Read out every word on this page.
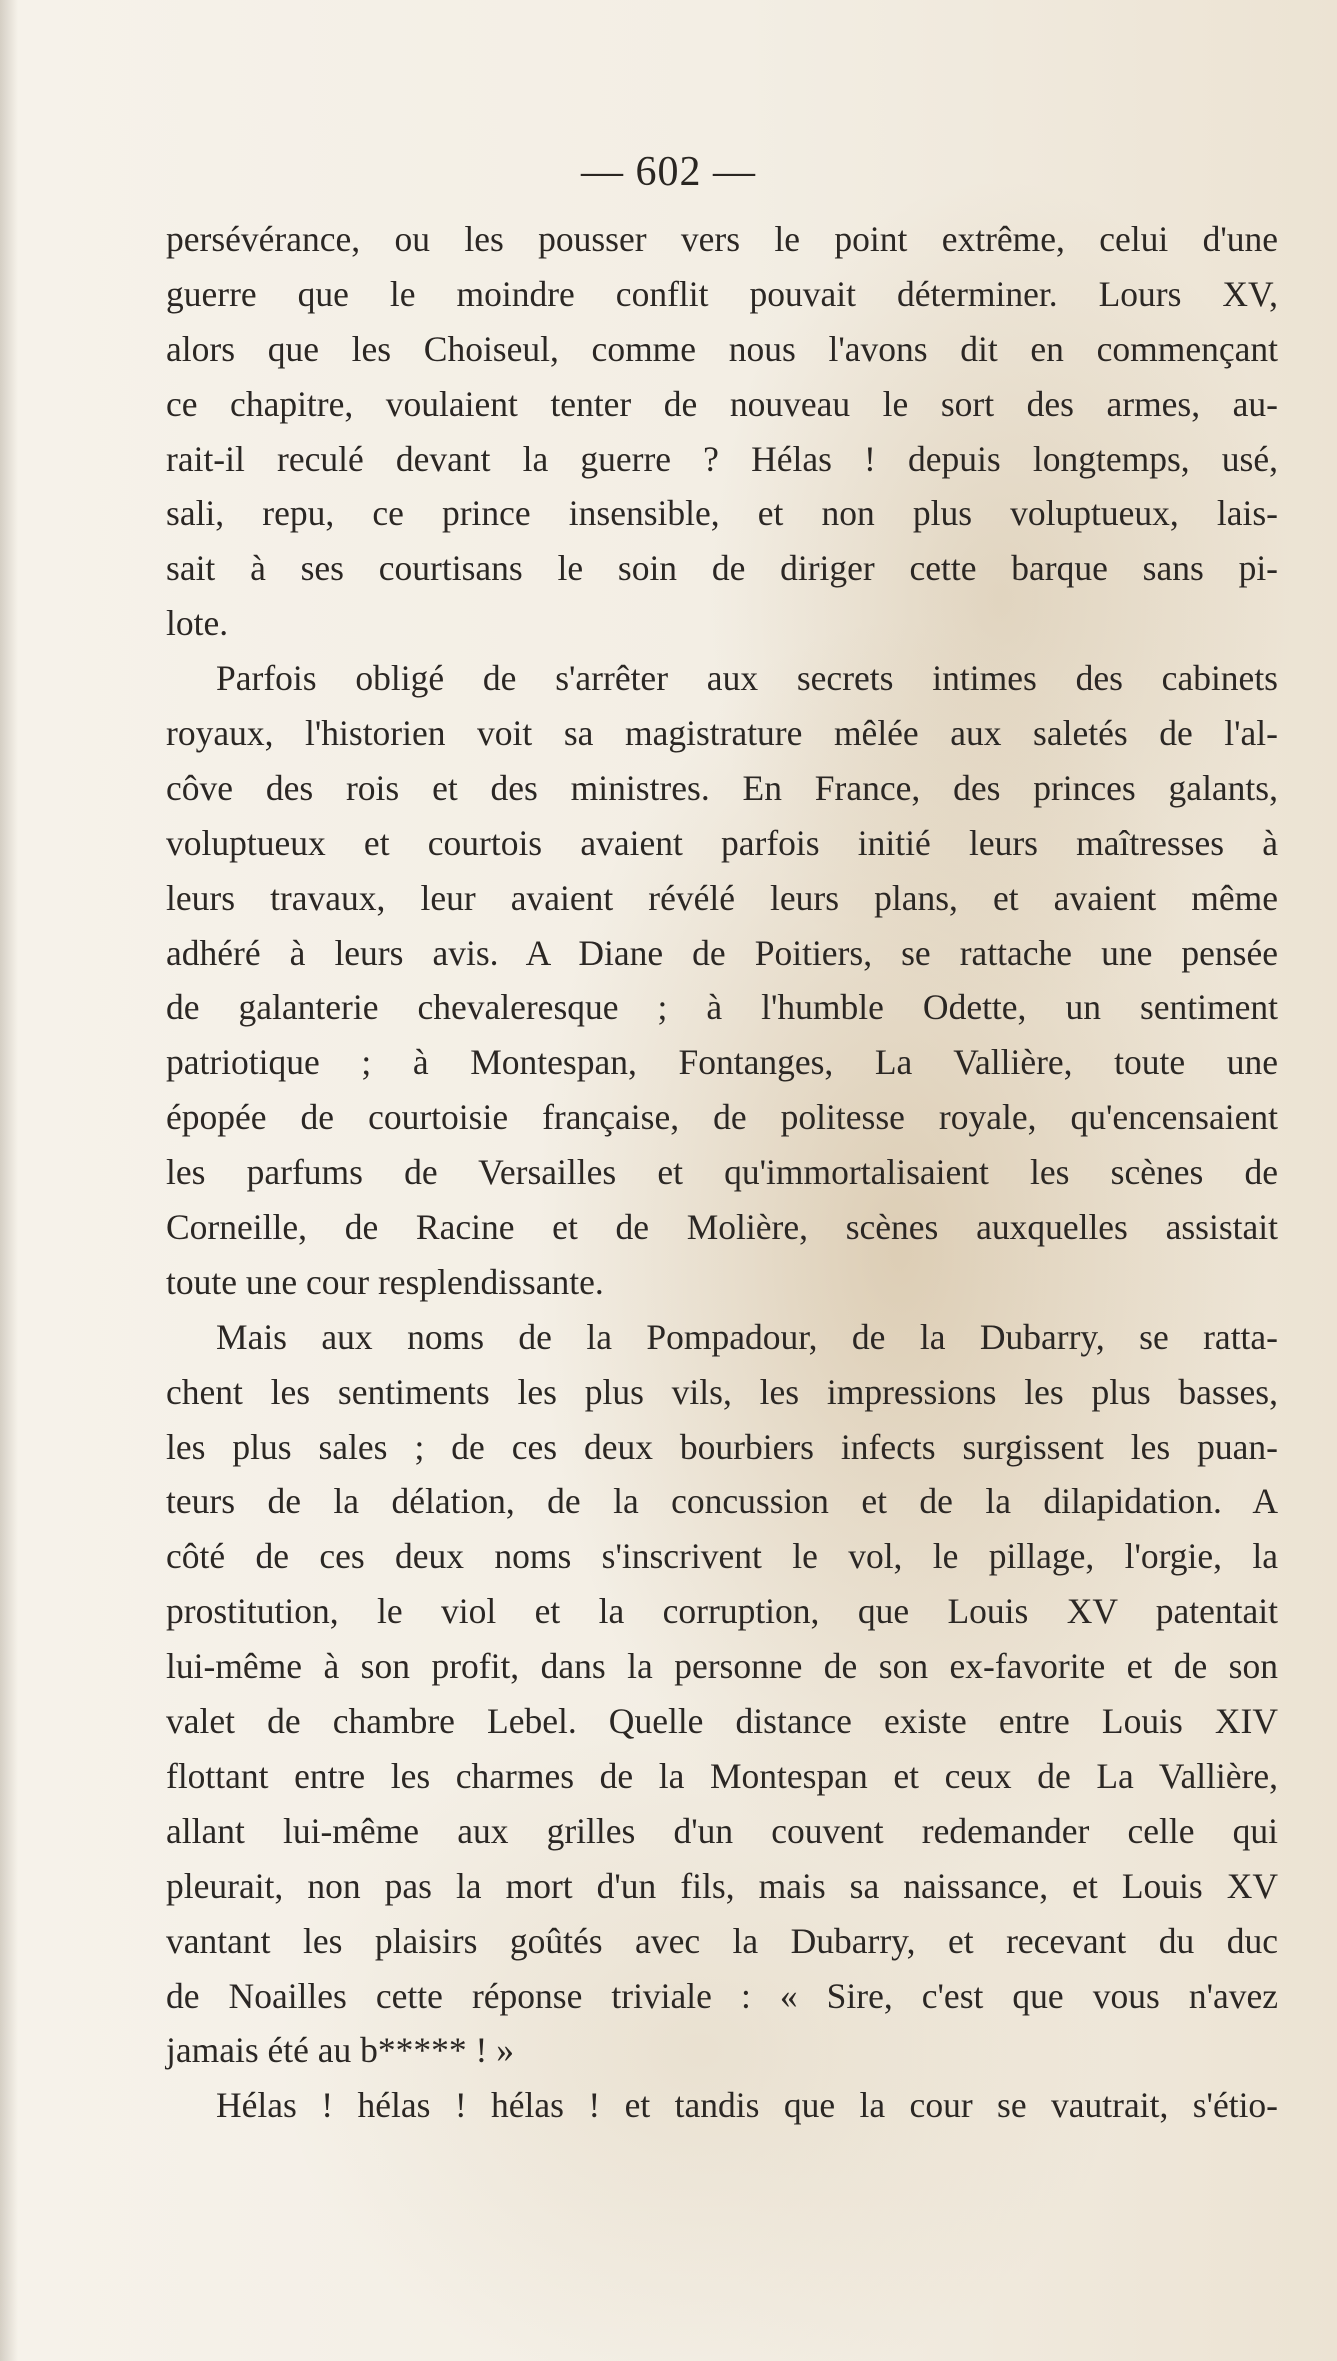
— 602 —
persévérance, ou les pousser vers le point extrême, celui d'une
guerre que le moindre conflit pouvait déterminer. Lours XV,
alors que les Choiseul, comme nous l'avons dit en commençant
ce chapitre, voulaient tenter de nouveau le sort des armes, au-
rait-il reculé devant la guerre ? Hélas ! depuis longtemps, usé,
sali, repu, ce prince insensible, et non plus voluptueux, lais-
sait à ses courtisans le soin de diriger cette barque sans pi-
lote.
Parfois obligé de s'arrêter aux secrets intimes des cabinets
royaux, l'historien voit sa magistrature mêlée aux saletés de l'al-
côve des rois et des ministres. En France, des princes galants,
voluptueux et courtois avaient parfois initié leurs maîtresses à
leurs travaux, leur avaient révélé leurs plans, et avaient même
adhéré à leurs avis. A Diane de Poitiers, se rattache une pensée
de galanterie chevaleresque ; à l'humble Odette, un sentiment
patriotique ; à Montespan, Fontanges, La Vallière, toute une
épopée de courtoisie française, de politesse royale, qu'encensaient
les parfums de Versailles et qu'immortalisaient les scènes de
Corneille, de Racine et de Molière, scènes auxquelles assistait
toute une cour resplendissante.
Mais aux noms de la Pompadour, de la Dubarry, se ratta-
chent les sentiments les plus vils, les impressions les plus basses,
les plus sales ; de ces deux bourbiers infects surgissent les puan-
teurs de la délation, de la concussion et de la dilapidation. A
côté de ces deux noms s'inscrivent le vol, le pillage, l'orgie, la
prostitution, le viol et la corruption, que Louis XV patentait
lui-même à son profit, dans la personne de son ex-favorite et de son
valet de chambre Lebel. Quelle distance existe entre Louis XIV
flottant entre les charmes de la Montespan et ceux de La Vallière,
allant lui-même aux grilles d'un couvent redemander celle qui
pleurait, non pas la mort d'un fils, mais sa naissance, et Louis XV
vantant les plaisirs goûtés avec la Dubarry, et recevant du duc
de Noailles cette réponse triviale : « Sire, c'est que vous n'avez
jamais été au b***** ! »
Hélas ! hélas ! hélas ! et tandis que la cour se vautrait, s'étio-
